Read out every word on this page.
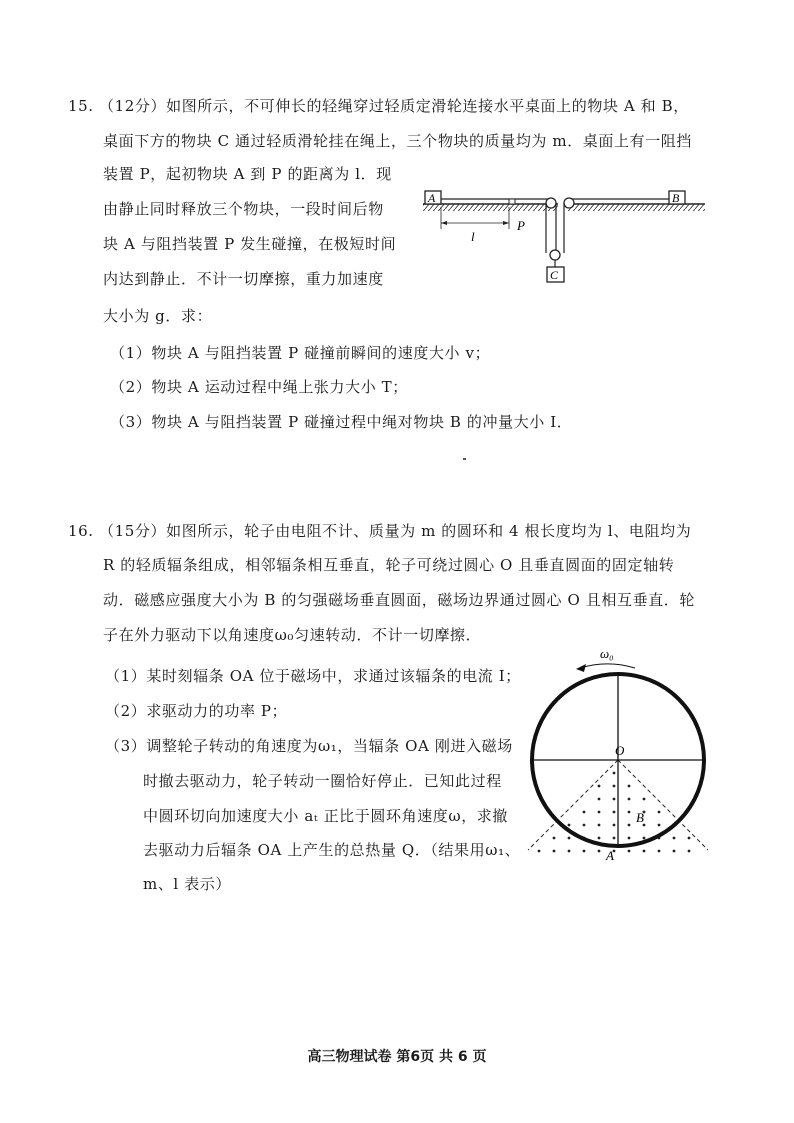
15. （12分）如图所示，不可伸长的轻绳穿过轻质定滑轮连接水平桌面上的物块 A 和 B，
桌面下方的物块 C 通过轻质滑轮挂在绳上，三个物块的质量均为 m．桌面上有一阻挡
装置 P，起初物块 A 到 P 的距离为 l．现
由静止同时释放三个物块，一段时间后物
块 A 与阻挡装置 P 发生碰撞，在极短时间
内达到静止．不计一切摩擦，重力加速度
大小为 g．求：
（1）物块 A 与阻挡装置 P 碰撞前瞬间的速度大小 v；
（2）物块 A 运动过程中绳上张力大小 T；
（3）物块 A 与阻挡装置 P 碰撞过程中绳对物块 B 的冲量大小 I．
A	B
C
l
P
16. （15分）如图所示，轮子由电阻不计、质量为 m 的圆环和 4 根长度均为 l、电阻均为
R 的轻质辐条组成，相邻辐条相互垂直，轮子可绕过圆心 O 且垂直圆面的固定轴转
动．磁感应强度大小为 B 的匀强磁场垂直圆面，磁场边界通过圆心 O 且相互垂直．轮
子在外力驱动下以角速度ω₀匀速转动．不计一切摩擦．
（1）某时刻辐条 OA 位于磁场中，求通过该辐条的电流 I；
（2）求驱动力的功率 P；
（3）调整轮子转动的角速度为ω₁，当辐条 OA 刚进入磁场
时撤去驱动力，轮子转动一圈恰好停止．已知此过程
中圆环切向加速度大小 aₜ 正比于圆环角速度ω，求撤
去驱动力后辐条 OA 上产生的总热量 Q．（结果用ω₁、
m、l 表示）
ω₀
O
A
B
高三物理试卷 第6页 共 6 页
